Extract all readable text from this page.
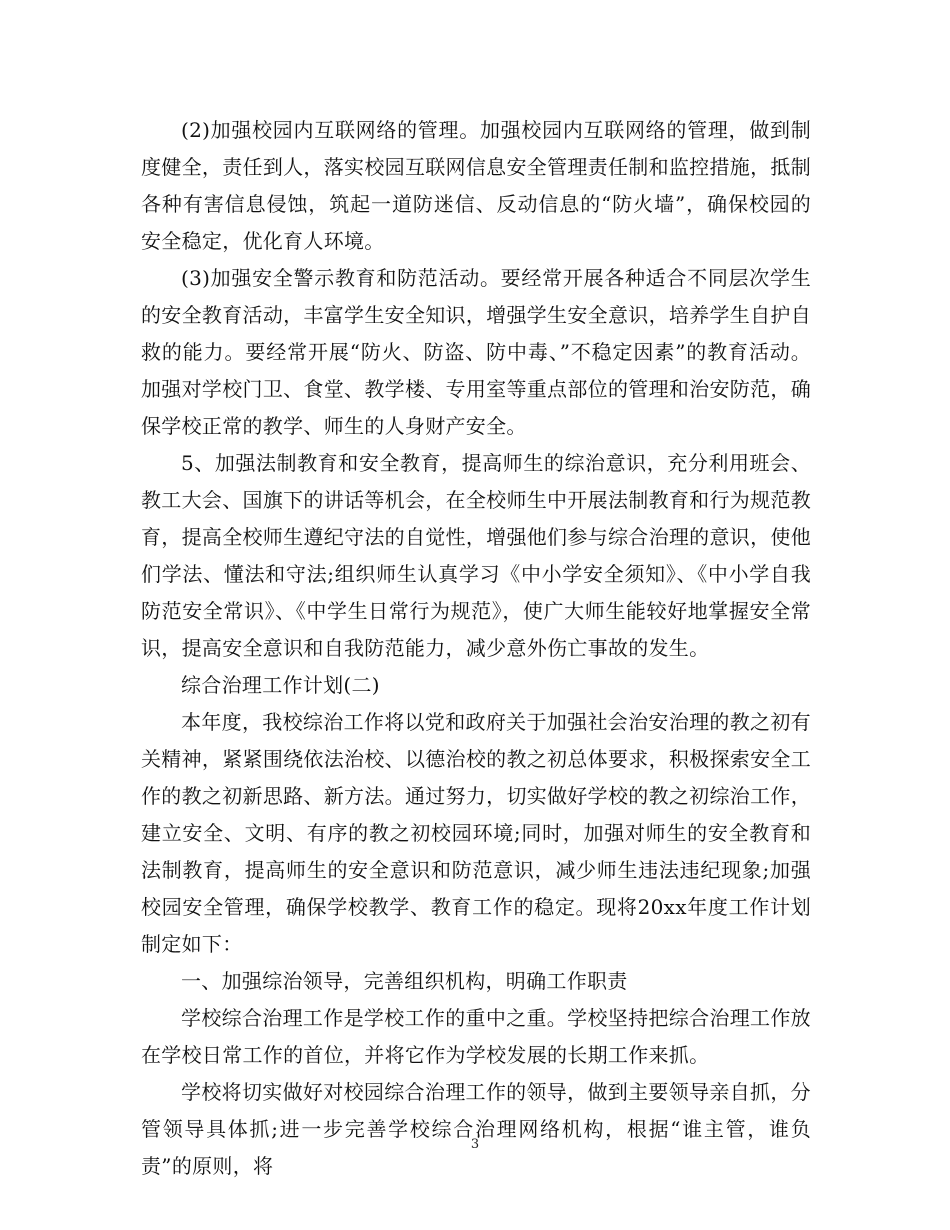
(2)加强校园内互联网络的管理。加强校园内互联网络的管理，做到制度健全，责任到人，落实校园互联网信息安全管理责任制和监控措施，抵制各种有害信息侵蚀，筑起一道防迷信、反动信息的“防火墙”，确保校园的安全稳定，优化育人环境。

(3)加强安全警示教育和防范活动。要经常开展各种适合不同层次学生的安全教育活动，丰富学生安全知识，增强学生安全意识，培养学生自护自救的能力。要经常开展“防火、防盗、防中毒、”不稳定因素”的教育活动。加强对学校门卫、食堂、教学楼、专用室等重点部位的管理和治安防范，确保学校正常的教学、师生的人身财产安全。

5、加强法制教育和安全教育，提高师生的综治意识，充分利用班会、教工大会、国旗下的讲话等机会，在全校师生中开展法制教育和行为规范教育，提高全校师生遵纪守法的自觉性，增强他们参与综合治理的意识，使他们学法、懂法和守法;组织师生认真学习《中小学安全须知》、《中小学自我防范安全常识》、《中学生日常行为规范》，使广大师生能较好地掌握安全常识，提高安全意识和自我防范能力，减少意外伤亡事故的发生。

综合治理工作计划(二)

本年度，我校综治工作将以党和政府关于加强社会治安治理的教之初有关精神，紧紧围绕依法治校、以德治校的教之初总体要求，积极探索安全工作的教之初新思路、新方法。通过努力，切实做好学校的教之初综治工作，建立安全、文明、有序的教之初校园环境;同时，加强对师生的安全教育和法制教育，提高师生的安全意识和防范意识，减少师生违法违纪现象;加强校园安全管理，确保学校教学、教育工作的稳定。现将20xx年度工作计划制定如下：

一、加强综治领导，完善组织机构，明确工作职责

学校综合治理工作是学校工作的重中之重。学校坚持把综合治理工作放在学校日常工作的首位，并将它作为学校发展的长期工作来抓。

学校将切实做好对校园综合治理工作的领导，做到主要领导亲自抓，分管领导具体抓;进一步完善学校综合治理网络机构，根据“谁主管，谁负责”的原则，将

3
